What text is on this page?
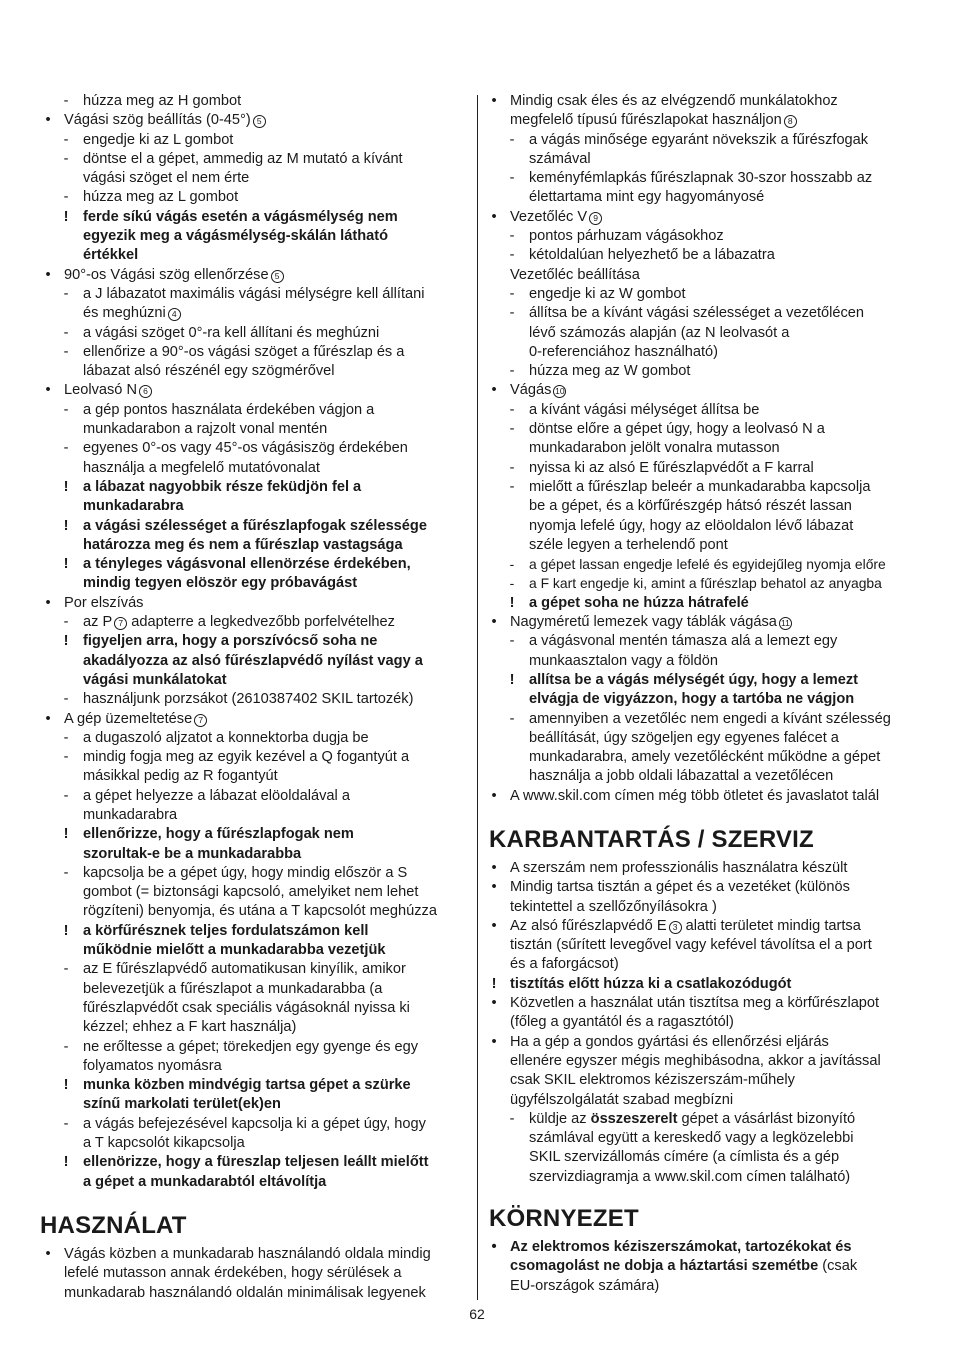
- húzza meg az H gombot
• Vágási szög beállítás (0-45°) 5
- engedje ki az L gombot
- döntse el a gépet, ammedig az M mutató a kívánt
vágási szöget el nem érte
- húzza meg az L gombot
! ferde síkú vágás esetén a vágásmélység nem
egyezik meg a vágásmélység-skálán látható
értékkel
• 90°-os Vágási szög ellenőrzése 5
- a J lábazatot maximális vágási mélységre kell állítani
és meghúzni 4
- a vágási szöget 0°-ra kell állítani és meghúzni
- ellenőrize a 90°-os vágási szöget a fűrészlap és a
lábazat alsó részénél egy szögmérővel
• Leolvasó N 6
- a gép pontos használata érdekében vágjon a
munkadarabon a rajzolt vonal mentén
- egyenes 0°-os vagy 45°-os vágásiszög érdekében
használja a megfelelő mutatóvonalat
! a lábazat nagyobbik része feküdjön fel a
munkadarabra
! a vágási szélességet a fűrészlapfogak szélessége
határozza meg és nem a fűrészlap vastagsága
! a tényleges vágásvonal ellenörzése érdekében,
mindig tegyen elöször egy próbavágást
• Por elszívás
- az P 7 adapterre a legkedvezőbb porfelvételhez
! figyeljen arra, hogy a porszívócső soha ne
akadályozza az alsó fűrészlapvédő nyílást vagy a
vágási munkálatokat
- használjunk porzsákot (2610387402 SKIL tartozék)
• A gép üzemeltetése 7
- a dugaszoló aljzatot a konnektorba dugja be
- mindig fogja meg az egyik kezével a Q fogantyút a
másikkal pedig az R fogantyút
- a gépet helyezze a lábazat elöoldalával a
munkadarabra
! ellenőrizze, hogy a fűrészlapfogak nem
szorultak-e be a munkadarabba
- kapcsolja be a gépet úgy, hogy mindig először a S
gombot (= biztonsági kapcsoló, amelyiket nem lehet
rögzíteni) benyomja, és utána a T kapcsolót meghúzza
! a körfűrésznek teljes fordulatszámon kell
működnie mielőtt a munkadarabba vezetjük
- az E fűrészlapvédő automatikusan kinyílik, amikor
belevezetjük a fűrészlapot a munkadarabba (a
fűrészlapvédőt csak speciális vágásoknál nyissa ki
kézzel; ehhez a F kart használja)
- ne erőltesse a gépet; törekedjen egy gyenge és egy
folyamatos nyomásra
! munka közben mindvégig tartsa gépet a szürke
színű markolati terület(ek)en
- a vágás befejezésével kapcsolja ki a gépet úgy, hogy
a T kapcsolót kikapcsolja
! ellenörizze, hogy a füreszlap teljesen leállt mielőtt
a gépet a munkadarabtól eltávolítja
HASZNÁLAT
• Vágás közben a munkadarab használandó oldala mindig
lefelé mutasson annak érdekében, hogy sérülések a
munkadarab használandó oldalán minimálisak legyenek
• Mindig csak éles és az elvégzendő munkálatokhoz
megfelelő típusú fűrészlapokat használjon 8
- a vágás minősége egyaránt növekszik a fűrészfogak
számával
- keményfémlapkás fűrészlapnak 30-szor hosszabb az
élettartama mint egy hagyományosé
• Vezetőléc V 9
- pontos párhuzam vágásokhoz
- kétoldalúan helyezhető be a lábazatra
Vezetőléc beállítása
- engedje ki az W gombot
- állítsa be a kívánt vágási szélességet a vezetőlécen
lévő számozás alapján (az N leolvasót a
0-referenciához használható)
- húzza meg az W gombot
• Vágás 10
- a kívánt vágási mélységet állítsa be
- döntse előre a gépet úgy, hogy a leolvasó N a
munkadarabon jelölt vonalra mutasson
- nyissa ki az alsó E fűrészlapvédőt a F karral
- mielőtt a fűrészlap beleér a munkadarabba kapcsolja
be a gépet, és a körfűrészgép hátsó részét lassan
nyomja lefelé úgy, hogy az elöoldalon lévő lábazat
széle legyen a terhelendő pont
-	a gépet lassan engedje lefelé és egyidejűleg nyomja előre
-	a F kart engedje ki, amint a fűrészlap behatol az anyagba
! a gépet soha ne húzza hátrafelé
• Nagyméretű lemezek vagy táblák vágása 11
- a vágásvonal mentén támasza alá a lemezt egy
munkaasztalon vagy a földön
! allítsa be a vágás mélységét úgy, hogy a lemezt
elvágja de vigyázzon, hogy a tartóba ne vágjon
- amennyiben a vezetőléc nem engedi a kívánt szélesség
beállítását, úgy szögeljen egy egyenes falécet a
munkadarabra, amely vezetőlécként működne a gépet
használja a jobb oldali lábazattal a vezetőlécen
• A www.skil.com címen még több ötletet és javaslatot talál
KARBANTARTÁS / SZERVIZ
• A szerszám nem professzionális használatra készült
• Mindig tartsa tisztán a gépet és a vezetéket (különös
tekintettel a szellőzőnyílásokra )
• Az alsó fűrészlapvédő E 3 alatti területet mindig tartsa
tisztán (sűrített levegővel vagy kefével távolítsa el a port
és a faforgácsot)
! tisztítás előtt húzza ki a csatlakozódugót
• Közvetlen a használat után tisztítsa meg a körfűrészlapot
(főleg a gyantától és a ragasztótól)
• Ha a gép a gondos gyártási és ellenőrzési eljárás
ellenére egyszer mégis meghibásodna, akkor a javítással
csak SKIL elektromos kéziszerszám-műhely
ügyfélszolgálatát szabad megbízni
- küldje az összeszerelt gépet a vásárlást bizonyító
számlával együtt a kereskedő vagy a legközelebbi
SKIL szervizállomás címére (a címlista és a gép
szervizdiagramja a www.skil.com címen található)
KÖRNYEZET
• Az elektromos kéziszerszámokat, tartozékokat és
csomagolást ne dobja a háztartási szemétbe (csak
EU-országok számára)
62
